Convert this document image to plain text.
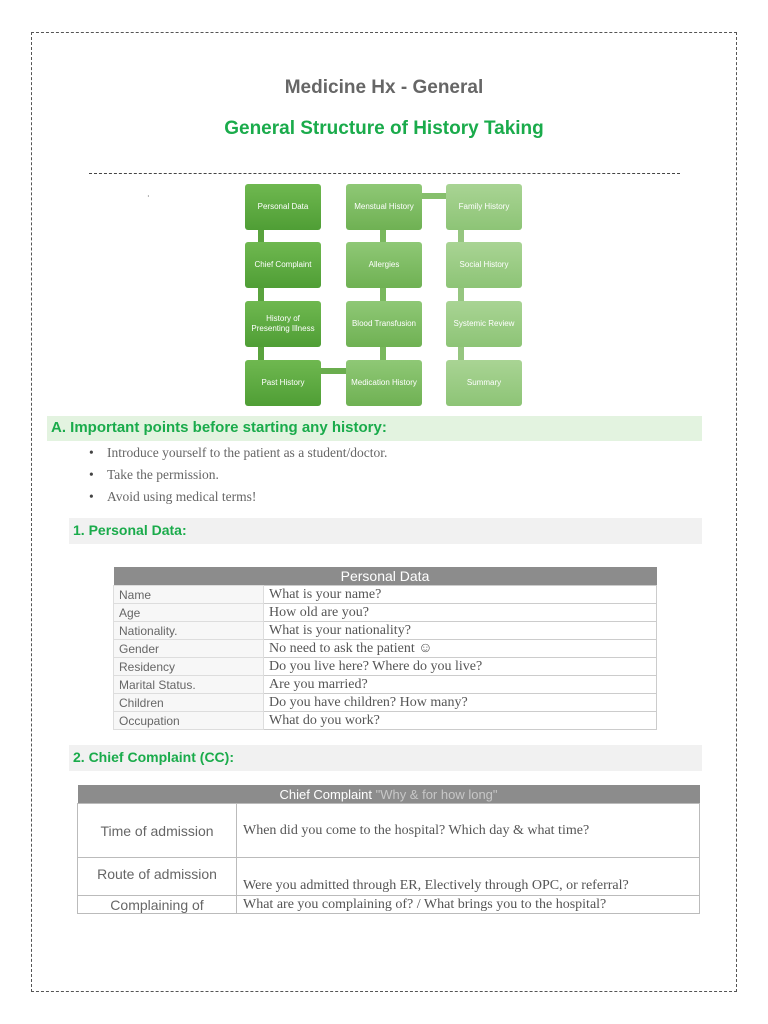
Medicine Hx - General
General Structure of History Taking
·
Personal Data
Chief Complaint
History of Presenting Illness
Past History
Menstual History
Allergies
Blood Transfusion
Medication History
Family History
Social History
Systemic Review
Summary
A. Important points before starting any history:
• Introduce yourself to the patient as a student/doctor.
• Take the permission.
• Avoid using medical terms!
1. Personal Data:
Personal Data	
Name	What is your name?
Age	How old are you?
Nationality.	What is your nationality?
Gender	No need to ask the patient ☺
Residency	Do you live here? Where do you live?
Marital Status.	Are you married?
Children	Do you have children? How many?
Occupation	What do you work?
2. Chief Complaint (CC):
Chief Complaint "Why & for how long"	
Time of admission	When did you come to the hospital? Which day & what time?
Route of admission	Were you admitted through ER, Electively through OPC, or referral?
Complaining of	What are you complaining of? / What brings you to the hospital?
